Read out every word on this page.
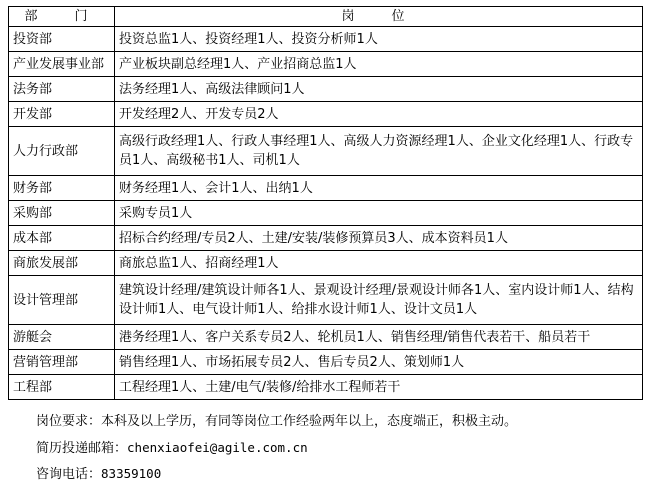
部　门	岗　位
投资部	投资总监1人、投资经理1人、投资分析师1人
产业发展事业部	产业板块副总经理1人、产业招商总监1人
法务部	法务经理1人、高级法律顾问1人
开发部	开发经理2人、开发专员2人
人力行政部	高级行政经理1人、行政人事经理1人、高级人力资源经理1人、企业文化经理1人、行政专员1人、高级秘书1人、司机1人
财务部	财务经理1人、会计1人、出纳1人
采购部	采购专员1人
成本部	招标合约经理/专员2人、土建/安装/装修预算员3人、成本资料员1人
商旅发展部	商旅总监1人、招商经理1人
设计管理部	建筑设计经理/建筑设计师各1人、景观设计经理/景观设计师各1人、室内设计师1人、结构设计师1人、电气设计师1人、给排水设计师1人、设计文员1人
游艇会	港务经理1人、客户关系专员2人、轮机员1人、销售经理/销售代表若干、船员若干
营销管理部	销售经理1人、市场拓展专员2人、售后专员2人、策划师1人
工程部	工程经理1人、土建/电气/装修/给排水工程师若干
岗位要求：本科及以上学历，有同等岗位工作经验两年以上，态度端正，积极主动。
简历投递邮箱：chenxiaofei@agile.com.cn
咨询电话：83359100
